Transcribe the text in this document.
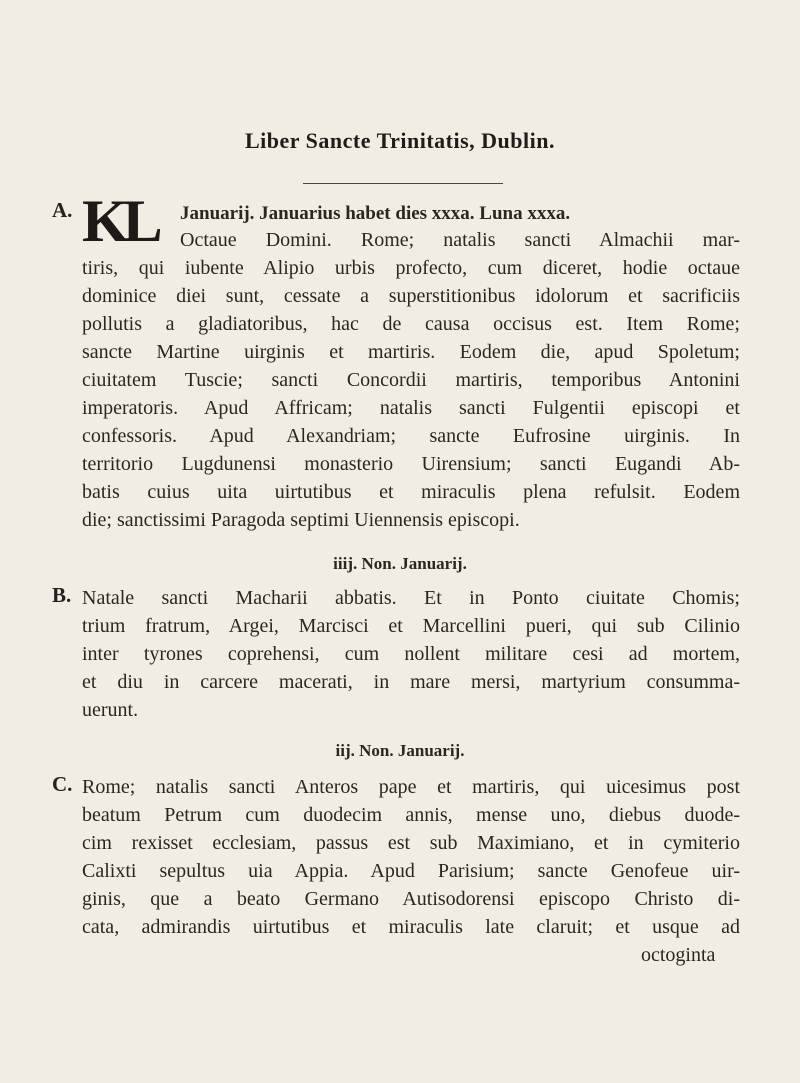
Liber Sancte Trinitatis, Dublin.
A. KL Januarij. Januarius habet dies xxxa. Luna xxxa.
Octaue Domini. Rome; natalis sancti Almachii mar-
tiris, qui iubente Alipio urbis profecto, cum diceret, hodie octaue
dominice diei sunt, cessate a superstitionibus idolorum et sacrificiis
pollutis a gladiatoribus, hac de causa occisus est. Item Rome;
sancte Martine uirginis et martiris. Eodem die, apud Spoletum;
ciuitatem Tuscie; sancti Concordii martiris, temporibus Antonini
imperatoris. Apud Affricam; natalis sancti Fulgentii episcopi et
confessoris. Apud Alexandriam; sancte Eufrosine uirginis. In
territorio Lugdunensi monasterio Uirensium; sancti Eugandi Ab-
batis cuius uita uirtutibus et miraculis plena refulsit. Eodem
die; sanctissimi Paragoda septimi Uiennensis episcopi.
iiij. Non. Januarij.
B. Natale sancti Macharii abbatis. Et in Ponto ciuitate Chomis;
trium fratrum, Argei, Marcisci et Marcellini pueri, qui sub Cilinio
inter tyrones coprehensi, cum nollent militare cesi ad mortem,
et diu in carcere macerati, in mare mersi, martyrium consumma-
uerunt.
iij. Non. Januarij.
C. Rome; natalis sancti Anteros pape et martiris, qui uicesimus post
beatum Petrum cum duodecim annis, mense uno, diebus duode-
cim rexisset ecclesiam, passus est sub Maximiano, et in cymiterio
Calixti sepultus uia Appia. Apud Parisium; sancte Genofeue uir-
ginis, que a beato Germano Autisodorensi episcopo Christo di-
cata, admirandis uirtutibus et miraculis late claruit; et usque ad
octoginta
